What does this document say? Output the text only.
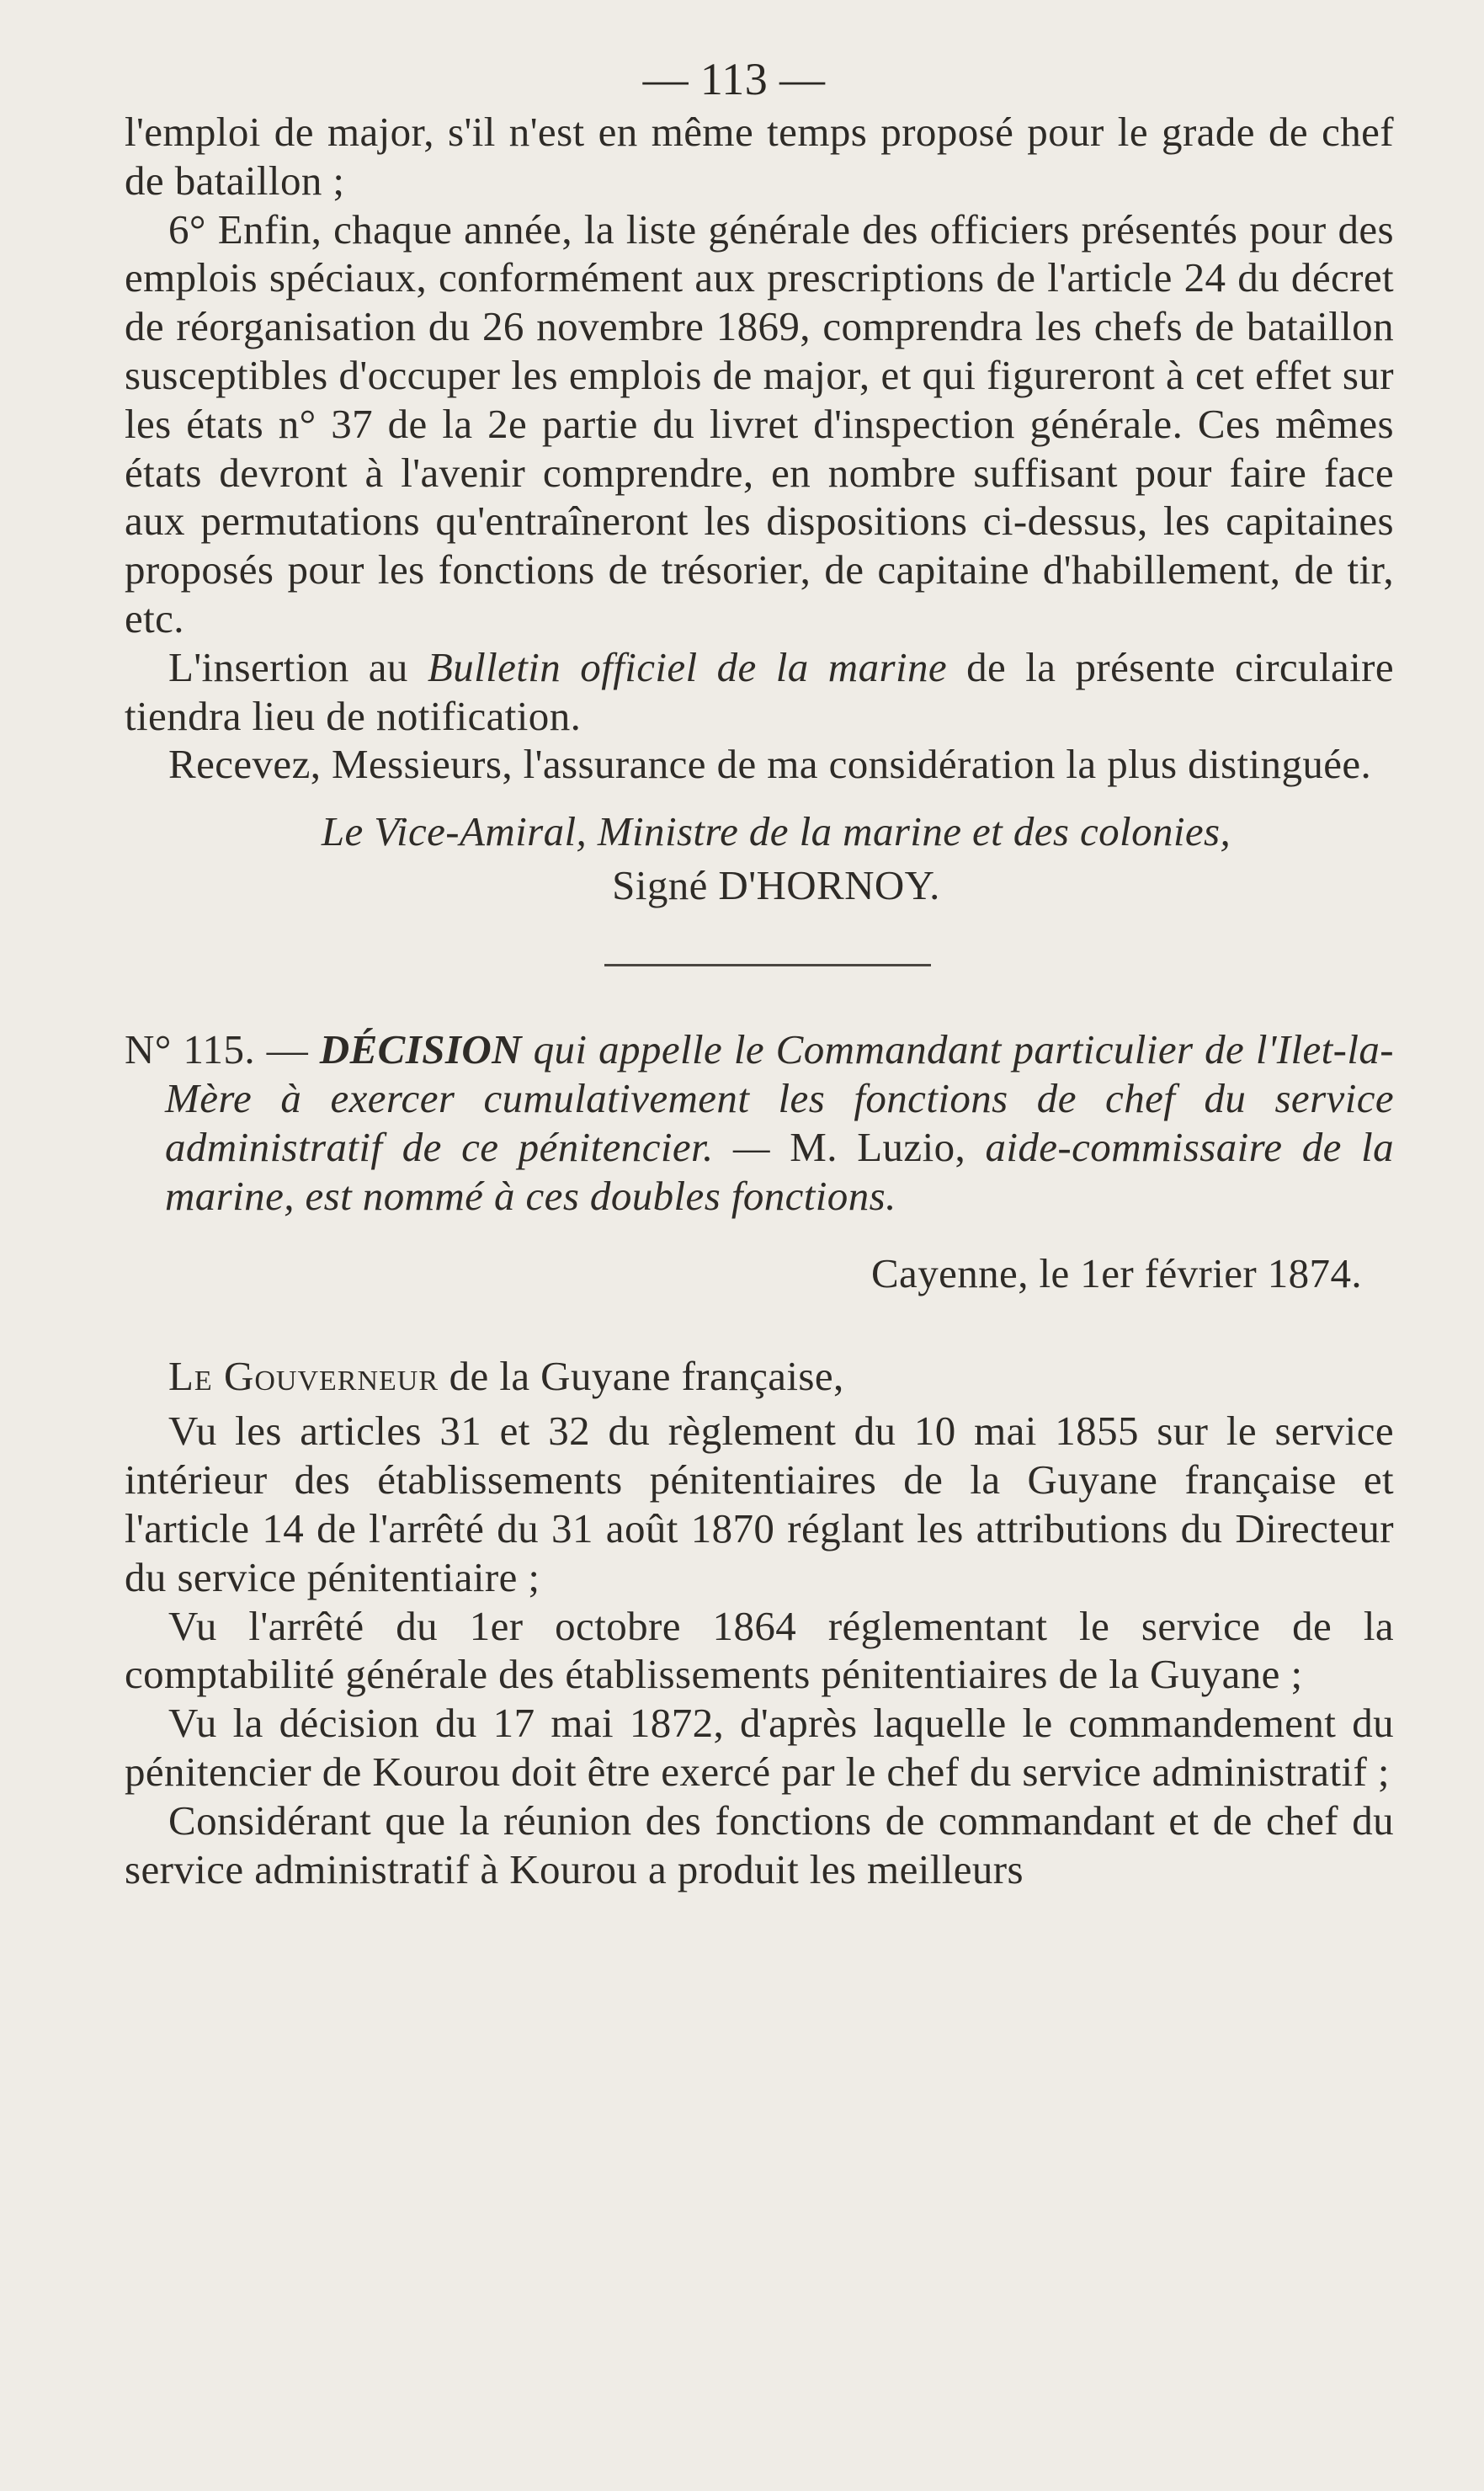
— 113 —

l'emploi de major, s'il n'est en même temps proposé pour le grade de chef de bataillon ;

6° Enfin, chaque année, la liste générale des officiers présentés pour des emplois spéciaux, conformément aux prescriptions de l'article 24 du décret de réorganisation du 26 novembre 1869, comprendra les chefs de bataillon susceptibles d'occuper les emplois de major, et qui figureront à cet effet sur les états n° 37 de la 2e partie du livret d'inspection générale. Ces mêmes états devront à l'avenir comprendre, en nombre suffisant pour faire face aux permutations qu'entraîneront les dispositions ci-dessus, les capitaines proposés pour les fonctions de trésorier, de capitaine d'habillement, de tir, etc.

L'insertion au Bulletin officiel de la marine de la présente circulaire tiendra lieu de notification.

Recevez, Messieurs, l'assurance de ma considération la plus distinguée.

Le Vice-Amiral, Ministre de la marine et des colonies,
Signé D'HORNOY.

N° 115. — DÉCISION qui appelle le Commandant particulier de l'Ilet-la-Mère à exercer cumulativement les fonctions de chef du service administratif de ce pénitencier. — M. Luzio, aide-commissaire de la marine, est nommé à ces doubles fonctions.

Cayenne, le 1er février 1874.

Le Gouverneur de la Guyane française,

Vu les articles 31 et 32 du règlement du 10 mai 1855 sur le service intérieur des établissements pénitentiaires de la Guyane française et l'article 14 de l'arrêté du 31 août 1870 réglant les attributions du Directeur du service pénitentiaire ;

Vu l'arrêté du 1er octobre 1864 réglementant le service de la comptabilité générale des établissements pénitentiaires de la Guyane ;

Vu la décision du 17 mai 1872, d'après laquelle le commandement du pénitencier de Kourou doit être exercé par le chef du service administratif ;

Considérant que la réunion des fonctions de commandant et de chef du service administratif à Kourou a produit les meilleurs
